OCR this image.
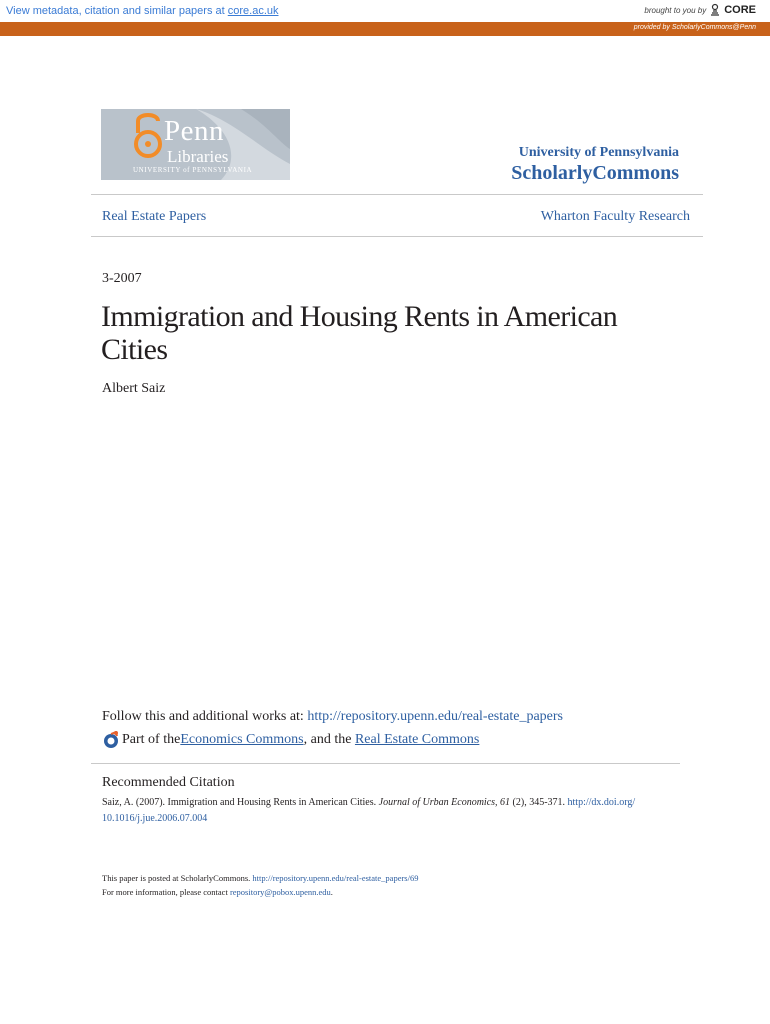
View metadata, citation and similar papers at core.ac.uk	brought to you by CORE
provided by ScholarlyCommons@Penn
Penn
Libraries
UNIVERSITY of PENNSYLVANIA
University of Pennsylvania
ScholarlyCommons
Real Estate Papers	Wharton Faculty Research
3-2007
Immigration and Housing Rents in American Cities
Albert Saiz
Follow this and additional works at: http://repository.upenn.edu/real-estate_papers
Part of the Economics Commons , and the Real Estate Commons
Recommended Citation
Saiz, A. (2007). Immigration and Housing Rents in American Cities. Journal of Urban Economics, 61 (2), 345-371. http://dx.doi.org/
10.1016/j.jue.2006.07.004
This paper is posted at ScholarlyCommons. http://repository.upenn.edu/real-estate_papers/69
For more information, please contact repository@pobox.upenn.edu.
